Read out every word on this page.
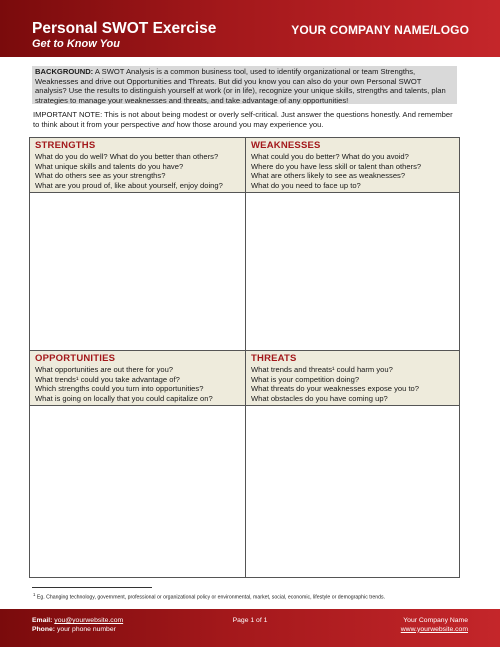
Personal SWOT Exercise
Get to Know You
YOUR COMPANY NAME/LOGO
BACKGROUND: A SWOT Analysis is a common business tool, used to identify organizational or team Strengths, Weaknesses and drive out Opportunities and Threats. But did you know you can also do your own Personal SWOT analysis? Use the results to distinguish yourself at work (or in life), recognize your unique skills, strengths and talents, plan strategies to manage your weaknesses and threats, and take advantage of any opportunities!
IMPORTANT NOTE: This is not about being modest or overly self-critical. Just answer the questions honestly. And remember to think about it from your perspective and how those around you may experience you.
STRENGTHS
What do you do well? What do you better than others?
What unique skills and talents do you have?
What do others see as your strengths?
What are you proud of, like about yourself, enjoy doing?
WEAKNESSES
What could you do better? What do you avoid?
Where do you have less skill or talent than others?
What are others likely to see as weaknesses?
What do you need to face up to?
OPPORTUNITIES
What opportunities are out there for you?
What trends¹ could you take advantage of?
Which strengths could you turn into opportunities?
What is going on locally that you could capitalize on?
THREATS
What trends and threats¹ could harm you?
What is your competition doing?
What threats do your weaknesses expose you to?
What obstacles do you have coming up?
$^1$ Eg. Changing technology, government, professional or organizational policy or environmental, market, social, economic, lifestyle or demographic trends.
Email: you@yourwebsite.com
Phone: your phone number
Page 1 of 1	Your Company Name
www.yourwebsite.com
